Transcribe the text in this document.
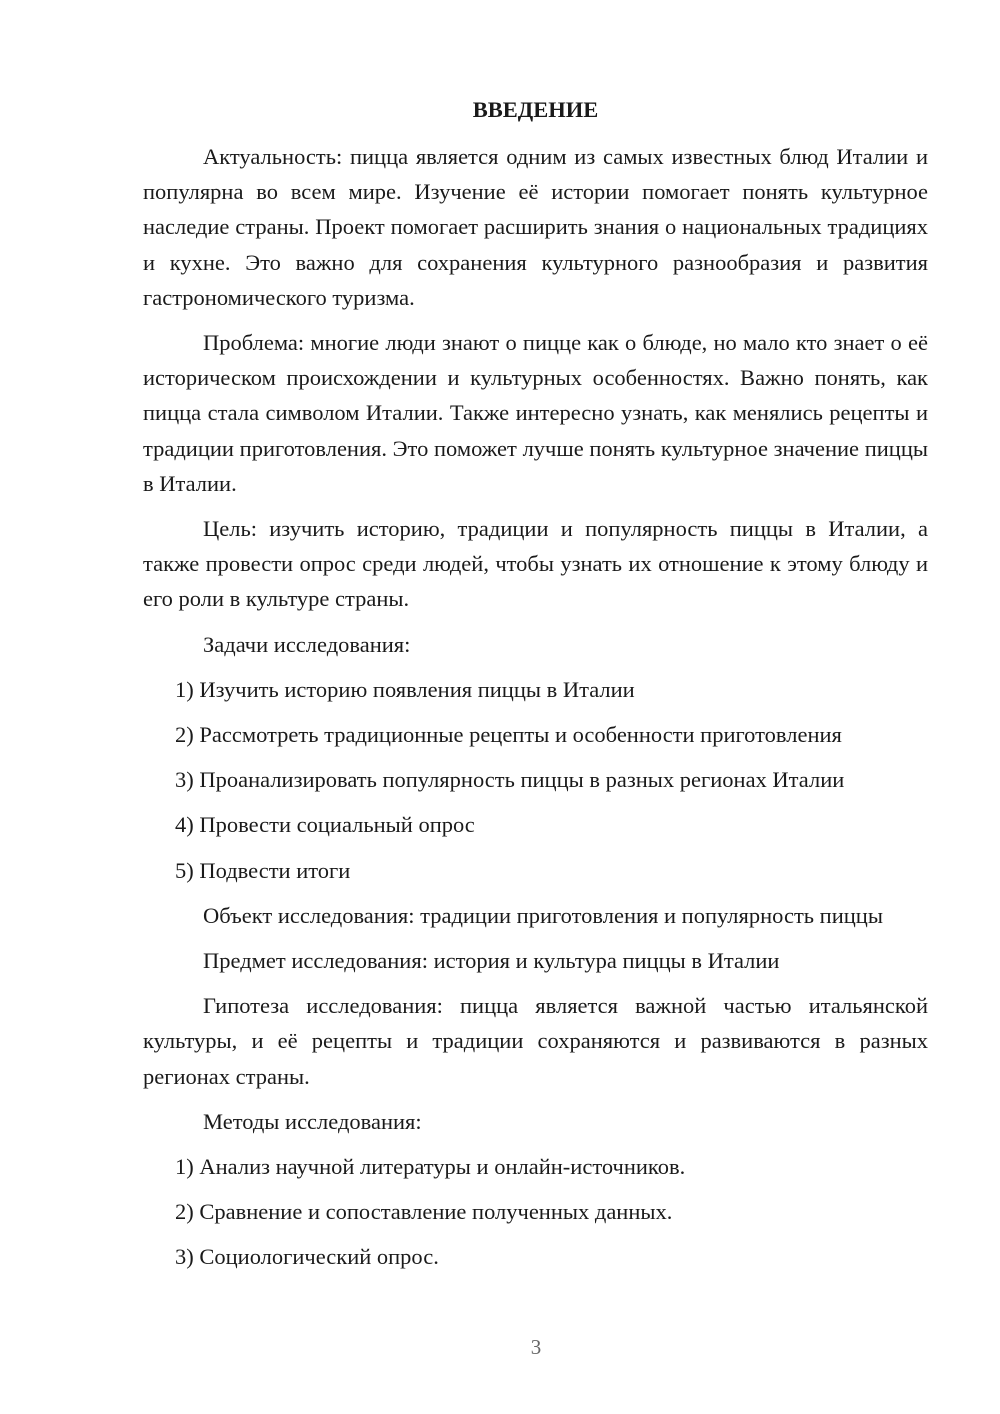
ВВЕДЕНИЕ

Актуальность: пицца является одним из самых известных блюд Италии и популярна во всем мире. Изучение её истории помогает понять культурное наследие страны. Проект помогает расширить знания о национальных традициях и кухне. Это важно для сохранения культурного разнообразия и развития гастрономического туризма.

Проблема: многие люди знают о пицце как о блюде, но мало кто знает о её историческом происхождении и культурных особенностях. Важно понять, как пицца стала символом Италии. Также интересно узнать, как менялись рецепты и традиции приготовления. Это поможет лучше понять культурное значение пиццы в Италии.

Цель: изучить историю, традиции и популярность пиццы в Италии, а также провести опрос среди людей, чтобы узнать их отношение к этому блюду и его роли в культуре страны.

Задачи исследования:
1) Изучить историю появления пиццы в Италии
2) Рассмотреть традиционные рецепты и особенности приготовления
3) Проанализировать популярность пиццы в разных регионах Италии
4) Провести социальный опрос
5) Подвести итоги

Объект исследования: традиции приготовления и популярность пиццы

Предмет исследования: история и культура пиццы в Италии

Гипотеза исследования: пицца является важной частью итальянской культуры, и её рецепты и традиции сохраняются и развиваются в разных регионах страны.

Методы исследования:
1) Анализ научной литературы и онлайн-источников.
2) Сравнение и сопоставление полученных данных.
3) Социологический опрос.
3
